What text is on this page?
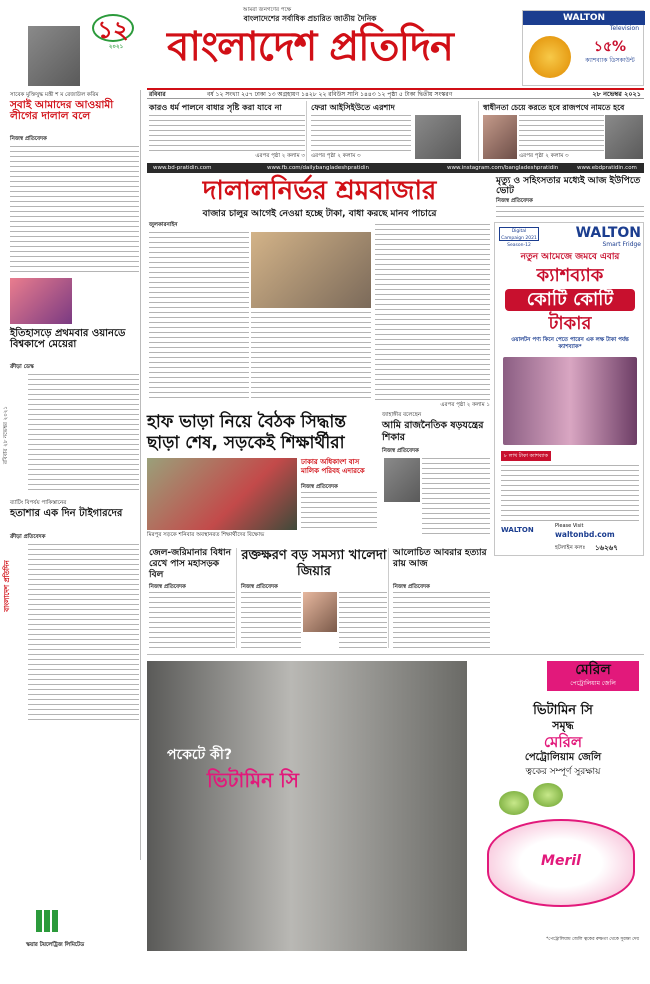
১২
২০২১
আমরা জনগণের পক্ষে
বাংলাদেশের সর্বাধিক প্রচারিত জাতীয় দৈনিক
বাংলাদেশ প্রতিদিন
WALTON
Television
১৫%
ক্যাশব্যাক ডিসকাউন্ট
রবিবার	বর্ষ ১২ সংখ্যা ২৫৭ ঢাকা ১৩ অগ্রহায়ণ ১৪২৮ ২২ রবিউস সানি ১৪৪৩ ১২ পৃষ্ঠা ৫ টাকা দ্বিতীয় সংস্করণ	২৮ নভেম্বর ২০২১
সাবেক মুক্তিযুদ্ধ মন্ত্রী শ ম রেজাউল করিম
সবাই আমাদের আওয়ামী লীগের দালাল বলে
নিজস্ব প্রতিবেদক
ইতিহাসড়ে প্রথমবার ওয়ানডে বিশ্বকাপে মেয়েরা
ক্রীড়া ডেস্ক
ব্যাটিং বিপর্যয় পাকিস্তানের
হতাশার এক দিন টাইগারদের
ক্রীড়া প্রতিবেদক
বাংলাদেশ প্রতিদিন
রবিবার ২৮ নভেম্বর ২০২১
স্কয়ার টয়লেট্রিজ লিমিটেড
কারও ধর্ম পালনে বাধার সৃষ্টি করা যাবে না
এরপর পৃষ্ঠা ২ কলাম ৩
ফেরা আইসিইউতে এরশাদ
এরপর পৃষ্ঠা ২ কলাম ৩
স্বাধীনতা চেয়ে করতে হবে রাজপথে নামতে হবে
এরপর পৃষ্ঠা ২ কলাম ৩
www.bd-pratidin.com	www.fb.com/dailybangladeshpratidin	www.instagram.com/bangladeshpratidin	www.ebdpratidin.com
দালালনির্ভর শ্রমবাজার
বাজার চালুর আগেই নেওয়া হচ্ছে টাকা, বাধা করছে মানব পাচারে
জুলকারনাইন
এরপর পৃষ্ঠা ২ কলাম ১
মৃত্যু ও সহিংসতার মধ্যেই আজ ইউপিতে ভোট
নিজস্ব প্রতিবেদক
Digital Campaign 2021 Season-12
WALTON
Smart Fridge
নতুন আমেজে জমবে এবার
ক্যাশব্যাক
কোটি কোটি
টাকার
ওয়ালটন পণ্য কিনে পেতে পারেন এক লক্ষ টাকা পর্যন্ত ক্যাশব্যাক*
৮ লাখ টাকা ক্যাশব্যাক
WALTON	Please Visit
waltonbd.com
হটলাইন কলঃ	১৬২৬৭
হাফ ভাড়া নিয়ে বৈঠক সিদ্ধান্ত ছাড়া শেষ, সড়কেই শিক্ষার্থীরা
মিরপুর সড়কে শনিবার অবস্থানরত শিক্ষার্থীদের বিক্ষোভ
ঢাকার অধিকাংশ বাস মালিক পরিবহ এদারকে
নিজস্ব প্রতিবেদক
জাহাঙ্গীর বলেছেন
আমি রাজনৈতিক ষড়যন্ত্রের শিকার
নিজস্ব প্রতিবেদক
জেল-জরিমানার বিধান রেখে পাস মহাসড়ক বিল
নিজস্ব প্রতিবেদক
রক্তক্ষরণ বড় সমস্যা খালেদা জিয়ার
নিজস্ব প্রতিবেদক
আলোচিত আবরার হত্যার রায় আজ
নিজস্ব প্রতিবেদক
পকেটে কী?
ভিটামিন সি
মেরিল
পেট্রোলিয়াম জেলি
ভিটামিন সি
সমৃদ্ধ
মেরিল
পেট্রোলিয়াম জেলি
ত্বকের সম্পূর্ণ সুরক্ষায়
Meril
*পেট্রোলিয়াম জেলি ত্বকের রুক্ষতা থেকে সুরক্ষা দেয়
